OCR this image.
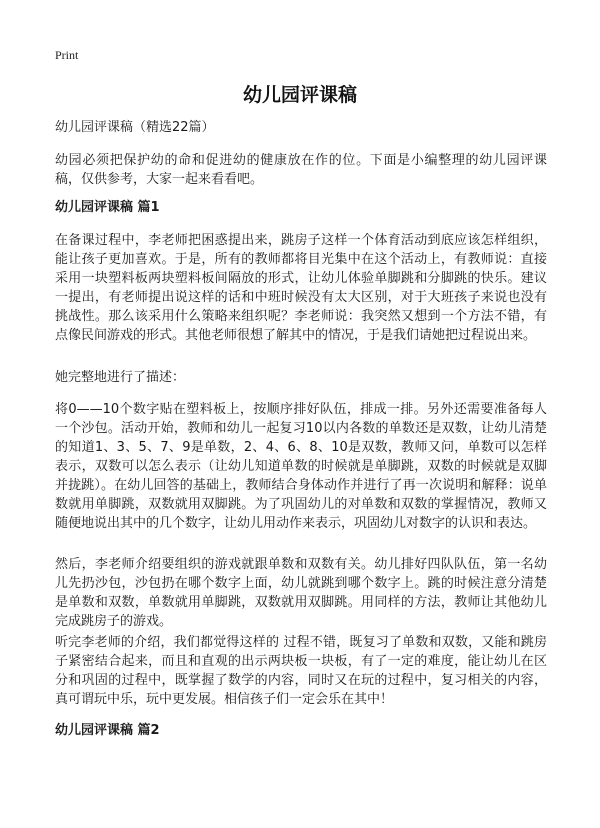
Print
幼儿园评课稿
幼儿园评课稿（精选22篇）

幼园必须把保护幼的命和促进幼的健康放在作的位。下面是小编整理的幼儿园评课稿，仅供参考，大家一起来看看吧。

幼儿园评课稿 篇1

在备课过程中，李老师把困惑提出来，跳房子这样一个体育活动到底应该怎样组织，能让孩子更加喜欢。于是，所有的教师都将目光集中在这个活动上，有教师说：直接采用一块塑料板两块塑料板间隔放的形式，让幼儿体验单脚跳和分脚跳的快乐。建议一提出，有老师提出说这样的话和中班时候没有太大区别，对于大班孩子来说也没有挑战性。那么该采用什么策略来组织呢？李老师说：我突然又想到一个方法不错，有点像民间游戏的形式。其他老师很想了解其中的情况，于是我们请她把过程说出来。

她完整地进行了描述：

将0——10个数字贴在塑料板上，按顺序排好队伍，排成一排。另外还需要准备每人一个沙包。活动开始，教师和幼儿一起复习10以内各数的单数还是双数，让幼儿清楚的知道1、3、5、7、9是单数，2、4、6、8、10是双数，教师又问，单数可以怎样表示，双数可以怎么表示（让幼儿知道单数的时候就是单脚跳，双数的时候就是双脚并拢跳）。在幼儿回答的基础上，教师结合身体动作并进行了再一次说明和解释：说单数就用单脚跳，双数就用双脚跳。为了巩固幼儿的对单数和双数的掌握情况，教师又随便地说出其中的几个数字，让幼儿用动作来表示，巩固幼儿对数字的认识和表达。

然后，李老师介绍要组织的游戏就跟单数和双数有关。幼儿排好四队队伍，第一名幼儿先扔沙包，沙包扔在哪个数字上面，幼儿就跳到哪个数字上。跳的时候注意分清楚是单数和双数，单数就用单脚跳，双数就用双脚跳。用同样的方法，教师让其他幼儿完成跳房子的游戏。

听完李老师的介绍，我们都觉得这样的 过程不错，既复习了单数和双数，又能和跳房子紧密结合起来，而且和直观的出示两块板一块板，有了一定的难度，能让幼儿在区分和巩固的过程中，既掌握了数学的内容，同时又在玩的过程中，复习相关的内容，真可谓玩中乐，玩中更发展。相信孩子们一定会乐在其中！

幼儿园评课稿 篇2
